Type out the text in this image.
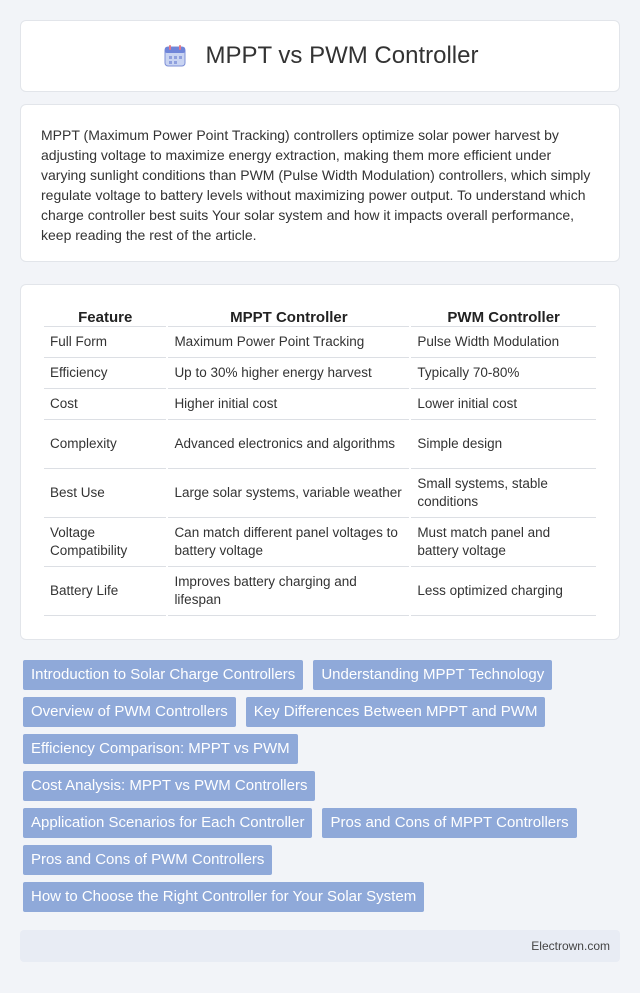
MPPT vs PWM Controller

MPPT (Maximum Power Point Tracking) controllers optimize solar power harvest by adjusting voltage to maximize energy extraction, making them more efficient under varying sunlight conditions than PWM (Pulse Width Modulation) controllers, which simply regulate voltage to battery levels without maximizing power output. To understand which charge controller best suits Your solar system and how it impacts overall performance, keep reading the rest of the article.

Feature	MPPT Controller	PWM Controller
Full Form	Maximum Power Point Tracking	Pulse Width Modulation
Efficiency	Up to 30% higher energy harvest	Typically 70-80%
Cost	Higher initial cost	Lower initial cost
Complexity	Advanced electronics and algorithms	Simple design
Best Use	Large solar systems, variable weather	Small systems, stable conditions
Voltage Compatibility	Can match different panel voltages to battery voltage	Must match panel and battery voltage
Battery Life	Improves battery charging and lifespan	Less optimized charging
Introduction to Solar Charge Controllers	Understanding MPPT Technology
Overview of PWM Controllers	Key Differences Between MPPT and PWM
Efficiency Comparison: MPPT vs PWM
Cost Analysis: MPPT vs PWM Controllers
Application Scenarios for Each Controller	Pros and Cons of MPPT Controllers
Pros and Cons of PWM Controllers
How to Choose the Right Controller for Your Solar System
Electrown.com
